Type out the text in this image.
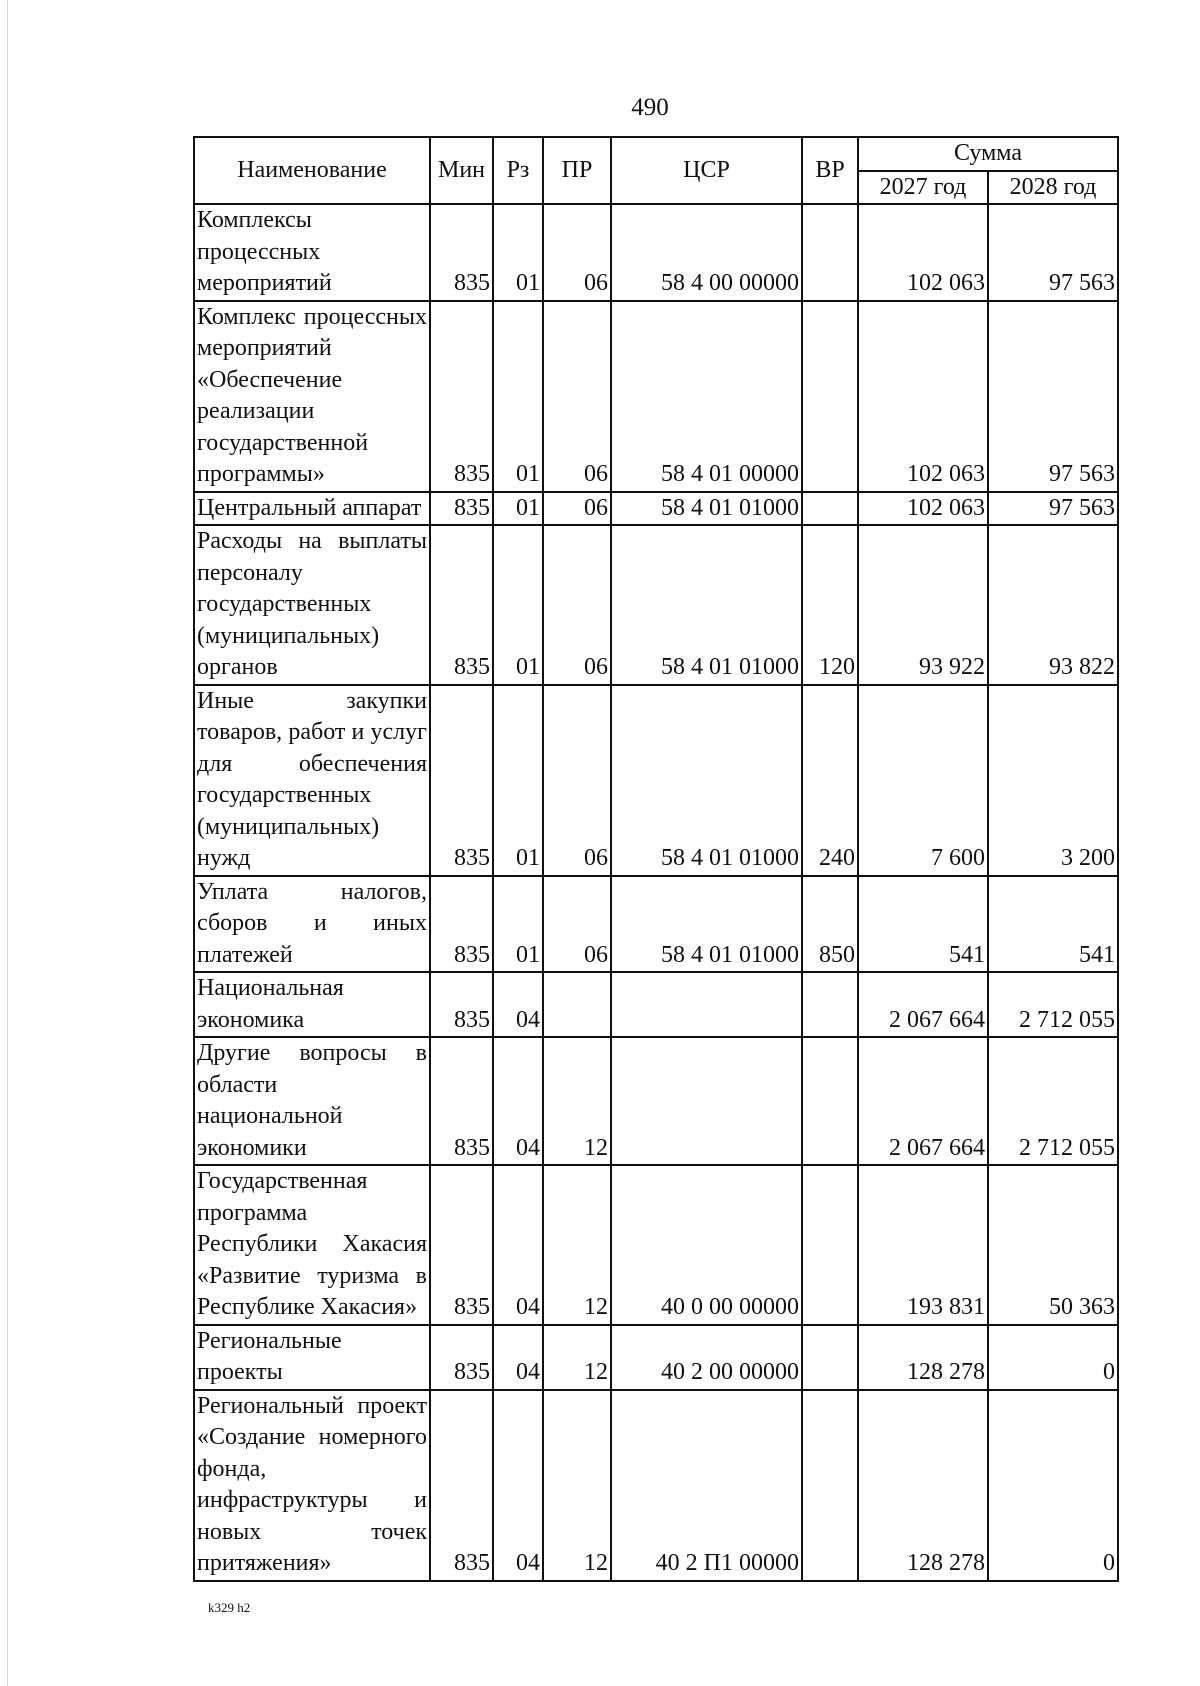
490
Наименование	Мин	Рз	ПР	ЦСР	ВР	Сумма	
						2027 год	2028 год
Комплексы процессных мероприятий	835	01	06	58 4 00 00000		102 063	97 563
Комплекс процессных мероприятий «Обеспечение реализации государственной программы»	835	01	06	58 4 01 00000		102 063	97 563
Центральный аппарат	835	01	06	58 4 01 01000		102 063	97 563
Расходы на выплаты персоналу государственных (муниципальных) органов	835	01	06	58 4 01 01000	120	93 922	93 822
Иные закупки товаров, работ и услуг для обеспечения государственных (муниципальных) нужд	835	01	06	58 4 01 01000	240	7 600	3 200
Уплата налогов, сборов и иных платежей	835	01	06	58 4 01 01000	850	541	541
Национальная экономика	835	04				2 067 664	2 712 055
Другие вопросы в области национальной экономики	835	04	12			2 067 664	2 712 055
Государственная программа Республики Хакасия «Развитие туризма в Республике Хакасия»	835	04	12	40 0 00 00000		193 831	50 363
Региональные проекты	835	04	12	40 2 00 00000		128 278	0
Региональный проект «Создание номерного фонда, инфраструктуры и новых точек притяжения»	835	04	12	40 2 П1 00000		128 278	0
k329 h2
